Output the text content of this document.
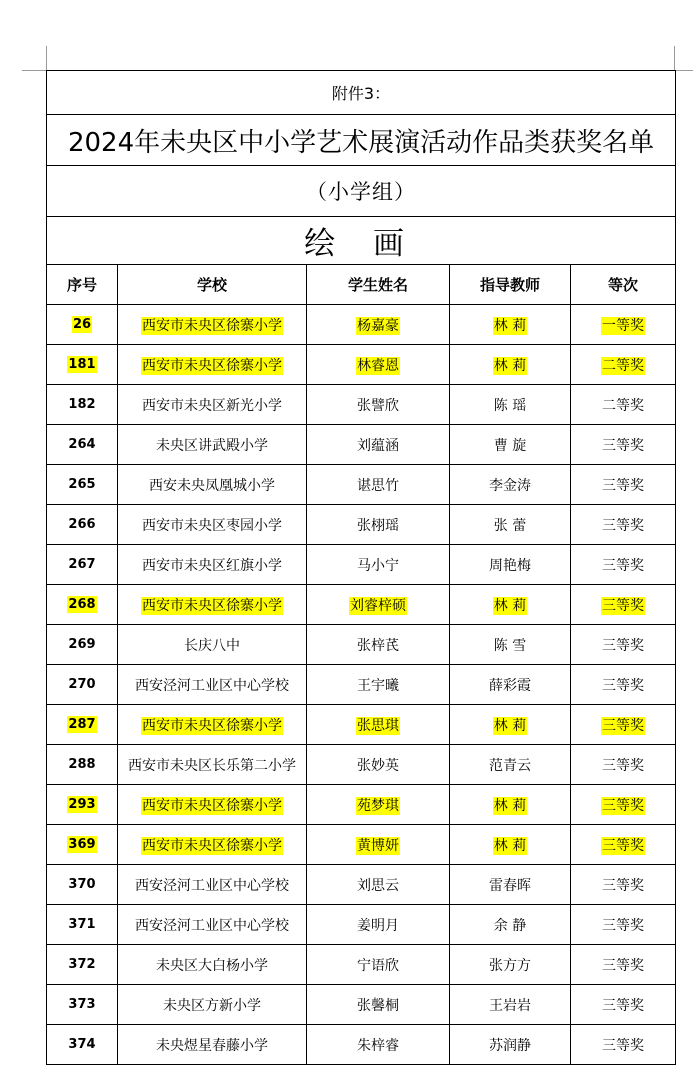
附件3：				
2024年未央区中小学艺术展演活动作品类获奖名单				
（小学组）				
绘 画				
序号	学校	学生姓名	指导教师	等次
26	西安市未央区徐寨小学	杨嘉豪	林 莉	一等奖
181	西安市未央区徐寨小学	林睿恩	林 莉	二等奖
182	西安市未央区新光小学	张譬欣	陈 瑶	二等奖
264	未央区讲武殿小学	刘蕴涵	曹 旋	三等奖
265	西安未央凤凰城小学	谌思竹	李金涛	三等奖
266	西安市未央区枣园小学	张栩瑶	张 蕾	三等奖
267	西安市未央区红旗小学	马小宁	周艳梅	三等奖
268	西安市未央区徐寨小学	刘睿梓硕	林 莉	三等奖
269	长庆八中	张梓芪	陈 雪	三等奖
270	西安泾河工业区中心学校	王宇曦	薛彩霞	三等奖
287	西安市未央区徐寨小学	张思琪	林 莉	三等奖
288	西安市未央区长乐第二小学	张妙英	范青云	三等奖
293	西安市未央区徐寨小学	苑梦琪	林 莉	三等奖
369	西安市未央区徐寨小学	黄博妍	林 莉	三等奖
370	西安泾河工业区中心学校	刘思云	雷春晖	三等奖
371	西安泾河工业区中心学校	姜明月	余 静	三等奖
372	未央区大白杨小学	宁语欣	张方方	三等奖
373	未央区方新小学	张馨桐	王岩岩	三等奖
374	未央煜星春藤小学	朱梓睿	苏润静	三等奖
